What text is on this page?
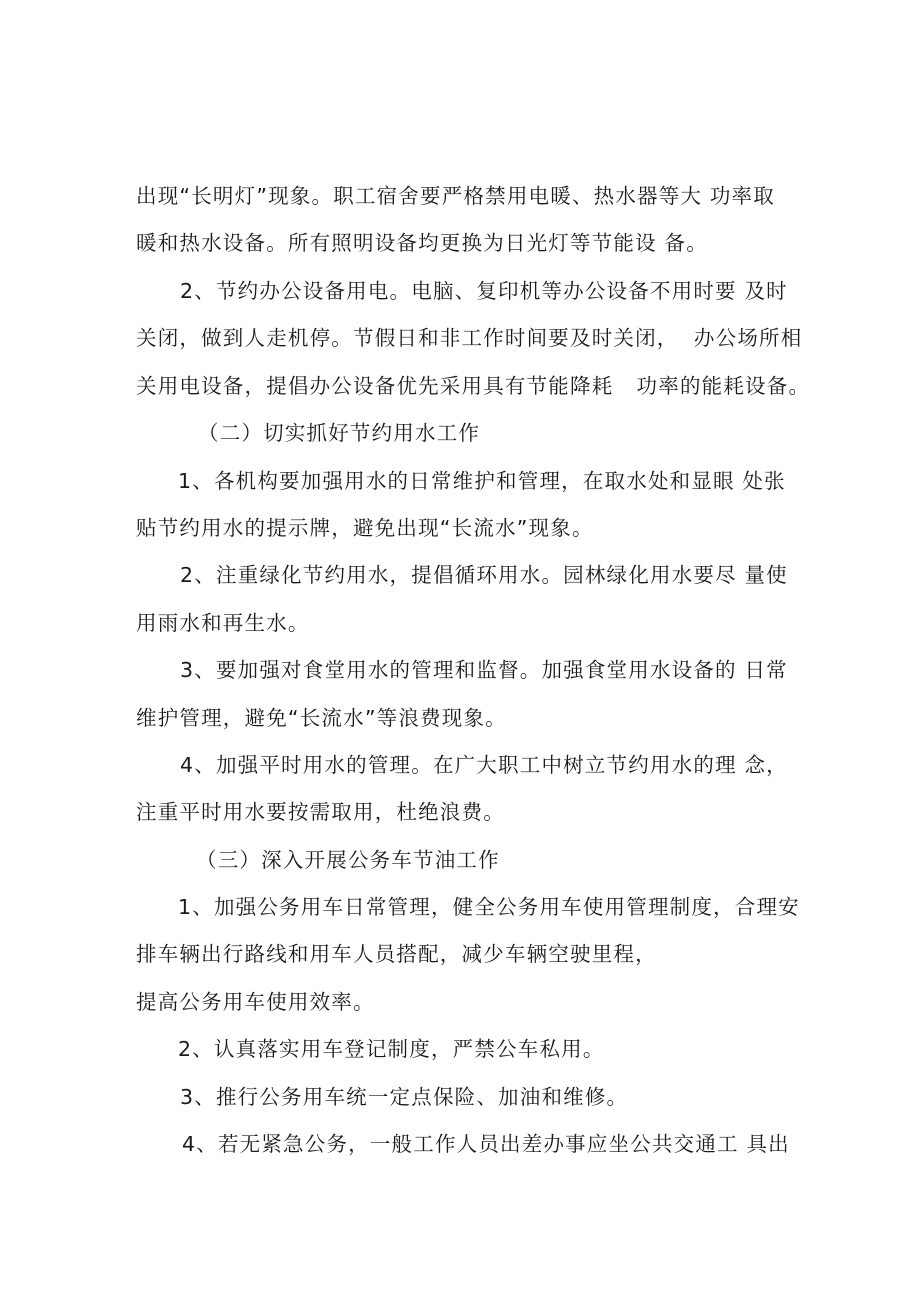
出现“长明灯”现象。职工宿舍要严格禁用电暖、热水器等大 功率取
暖和热水设备。所有照明设备均更换为日光灯等节能设 备。
2、节约办公设备用电。电脑、复印机等办公设备不用时要 及时
关闭，做到人走机停。节假日和非工作时间要及时关闭，  办公场所相
关用电设备，提倡办公设备优先采用具有节能降耗   功率的能耗设备。
（二）切实抓好节约用水工作
1、各机构要加强用水的日常维护和管理，在取水处和显眼 处张
贴节约用水的提示牌，避免出现“长流水”现象。
2、注重绿化节约用水，提倡循环用水。园林绿化用水要尽 量使
用雨水和再生水。
3、要加强对食堂用水的管理和监督。加强食堂用水设备的 日常
维护管理，避免“长流水”等浪费现象。
4、加强平时用水的管理。在广大职工中树立节约用水的理 念，
注重平时用水要按需取用，杜绝浪费。
（三）深入开展公务车节油工作
1、加强公务用车日常管理，健全公务用车使用管理制度，合理安
排车辆出行路线和用车人员搭配，减少车辆空驶里程，
提高公务用车使用效率。
2、认真落实用车登记制度，严禁公车私用。
3、推行公务用车统一定点保险、加油和维修。
4、若无紧急公务，一般工作人员出差办事应坐公共交通工 具出
